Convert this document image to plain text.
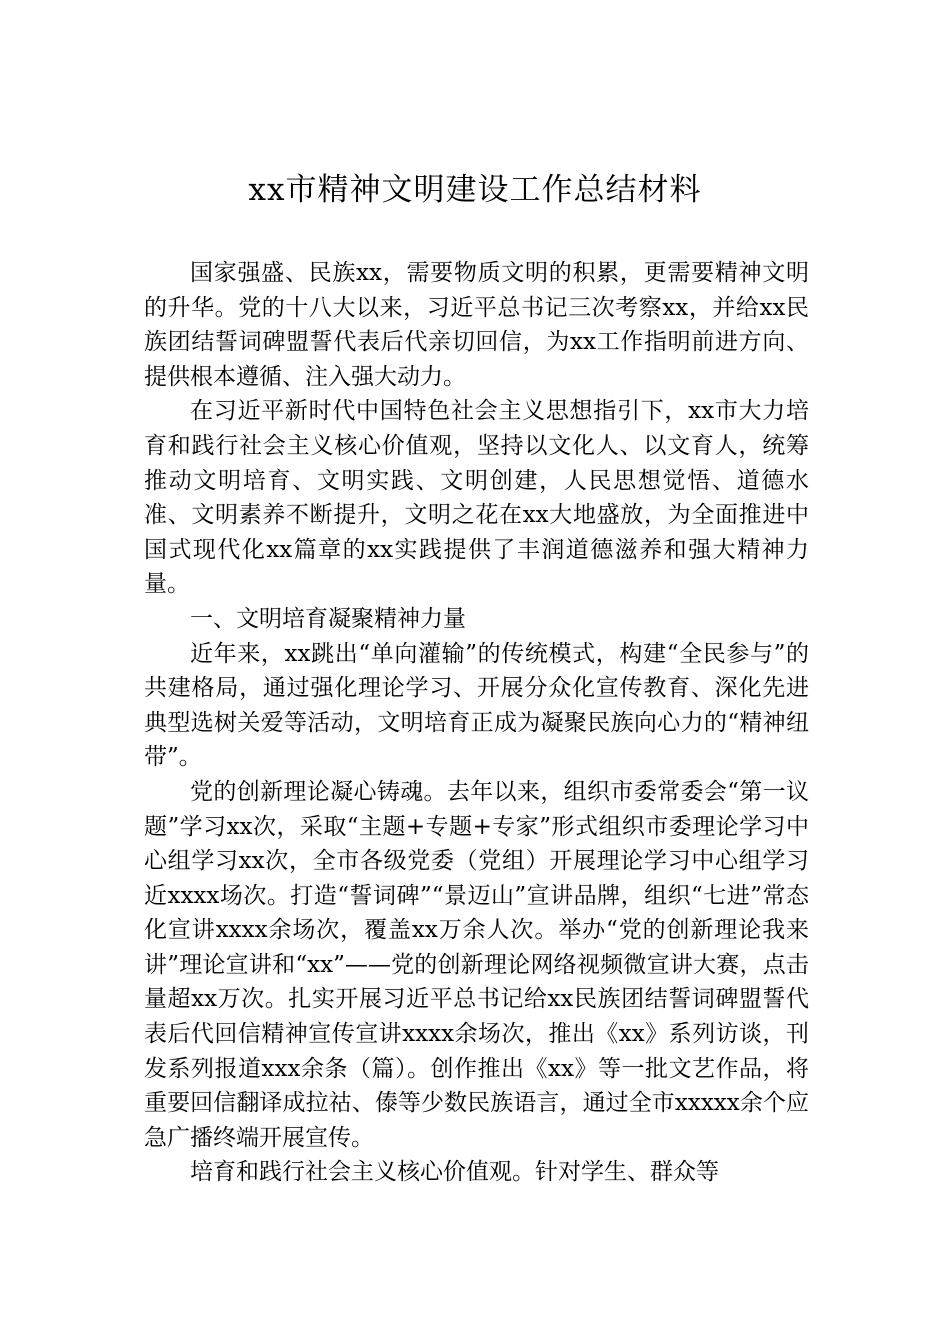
xx市精神文明建设工作总结材料

国家强盛、民族xx，需要物质文明的积累，更需要精神文明的升华。党的十八大以来，习近平总书记三次考察xx，并给xx民族团结誓词碑盟誓代表后代亲切回信，为xx工作指明前进方向、提供根本遵循、注入强大动力。

在习近平新时代中国特色社会主义思想指引下，xx市大力培育和践行社会主义核心价值观，坚持以文化人、以文育人，统筹推动文明培育、文明实践、文明创建，人民思想觉悟、道德水准、文明素养不断提升，文明之花在xx大地盛放，为全面推进中国式现代化xx篇章的xx实践提供了丰润道德滋养和强大精神力量。

一、文明培育凝聚精神力量

近年来，xx跳出“单向灌输”的传统模式，构建“全民参与”的共建格局，通过强化理论学习、开展分众化宣传教育、深化先进典型选树关爱等活动，文明培育正成为凝聚民族向心力的“精神纽带”。

党的创新理论凝心铸魂。去年以来，组织市委常委会“第一议题”学习xx次，采取“主题+专题+专家”形式组织市委理论学习中心组学习xx次，全市各级党委（党组）开展理论学习中心组学习近xxxx场次。打造“誓词碑”“景迈山”宣讲品牌，组织“七进”常态化宣讲xxxx余场次，覆盖xx万余人次。举办“党的创新理论我来讲”理论宣讲和“xx”——党的创新理论网络视频微宣讲大赛，点击量超xx万次。扎实开展习近平总书记给xx民族团结誓词碑盟誓代表后代回信精神宣传宣讲xxxx余场次，推出《xx》系列访谈，刊发系列报道xxx余条（篇）。创作推出《xx》等一批文艺作品，将重要回信翻译成拉祜、傣等少数民族语言，通过全市xxxxx余个应急广播终端开展宣传。

培育和践行社会主义核心价值观。针对学生、群众等
